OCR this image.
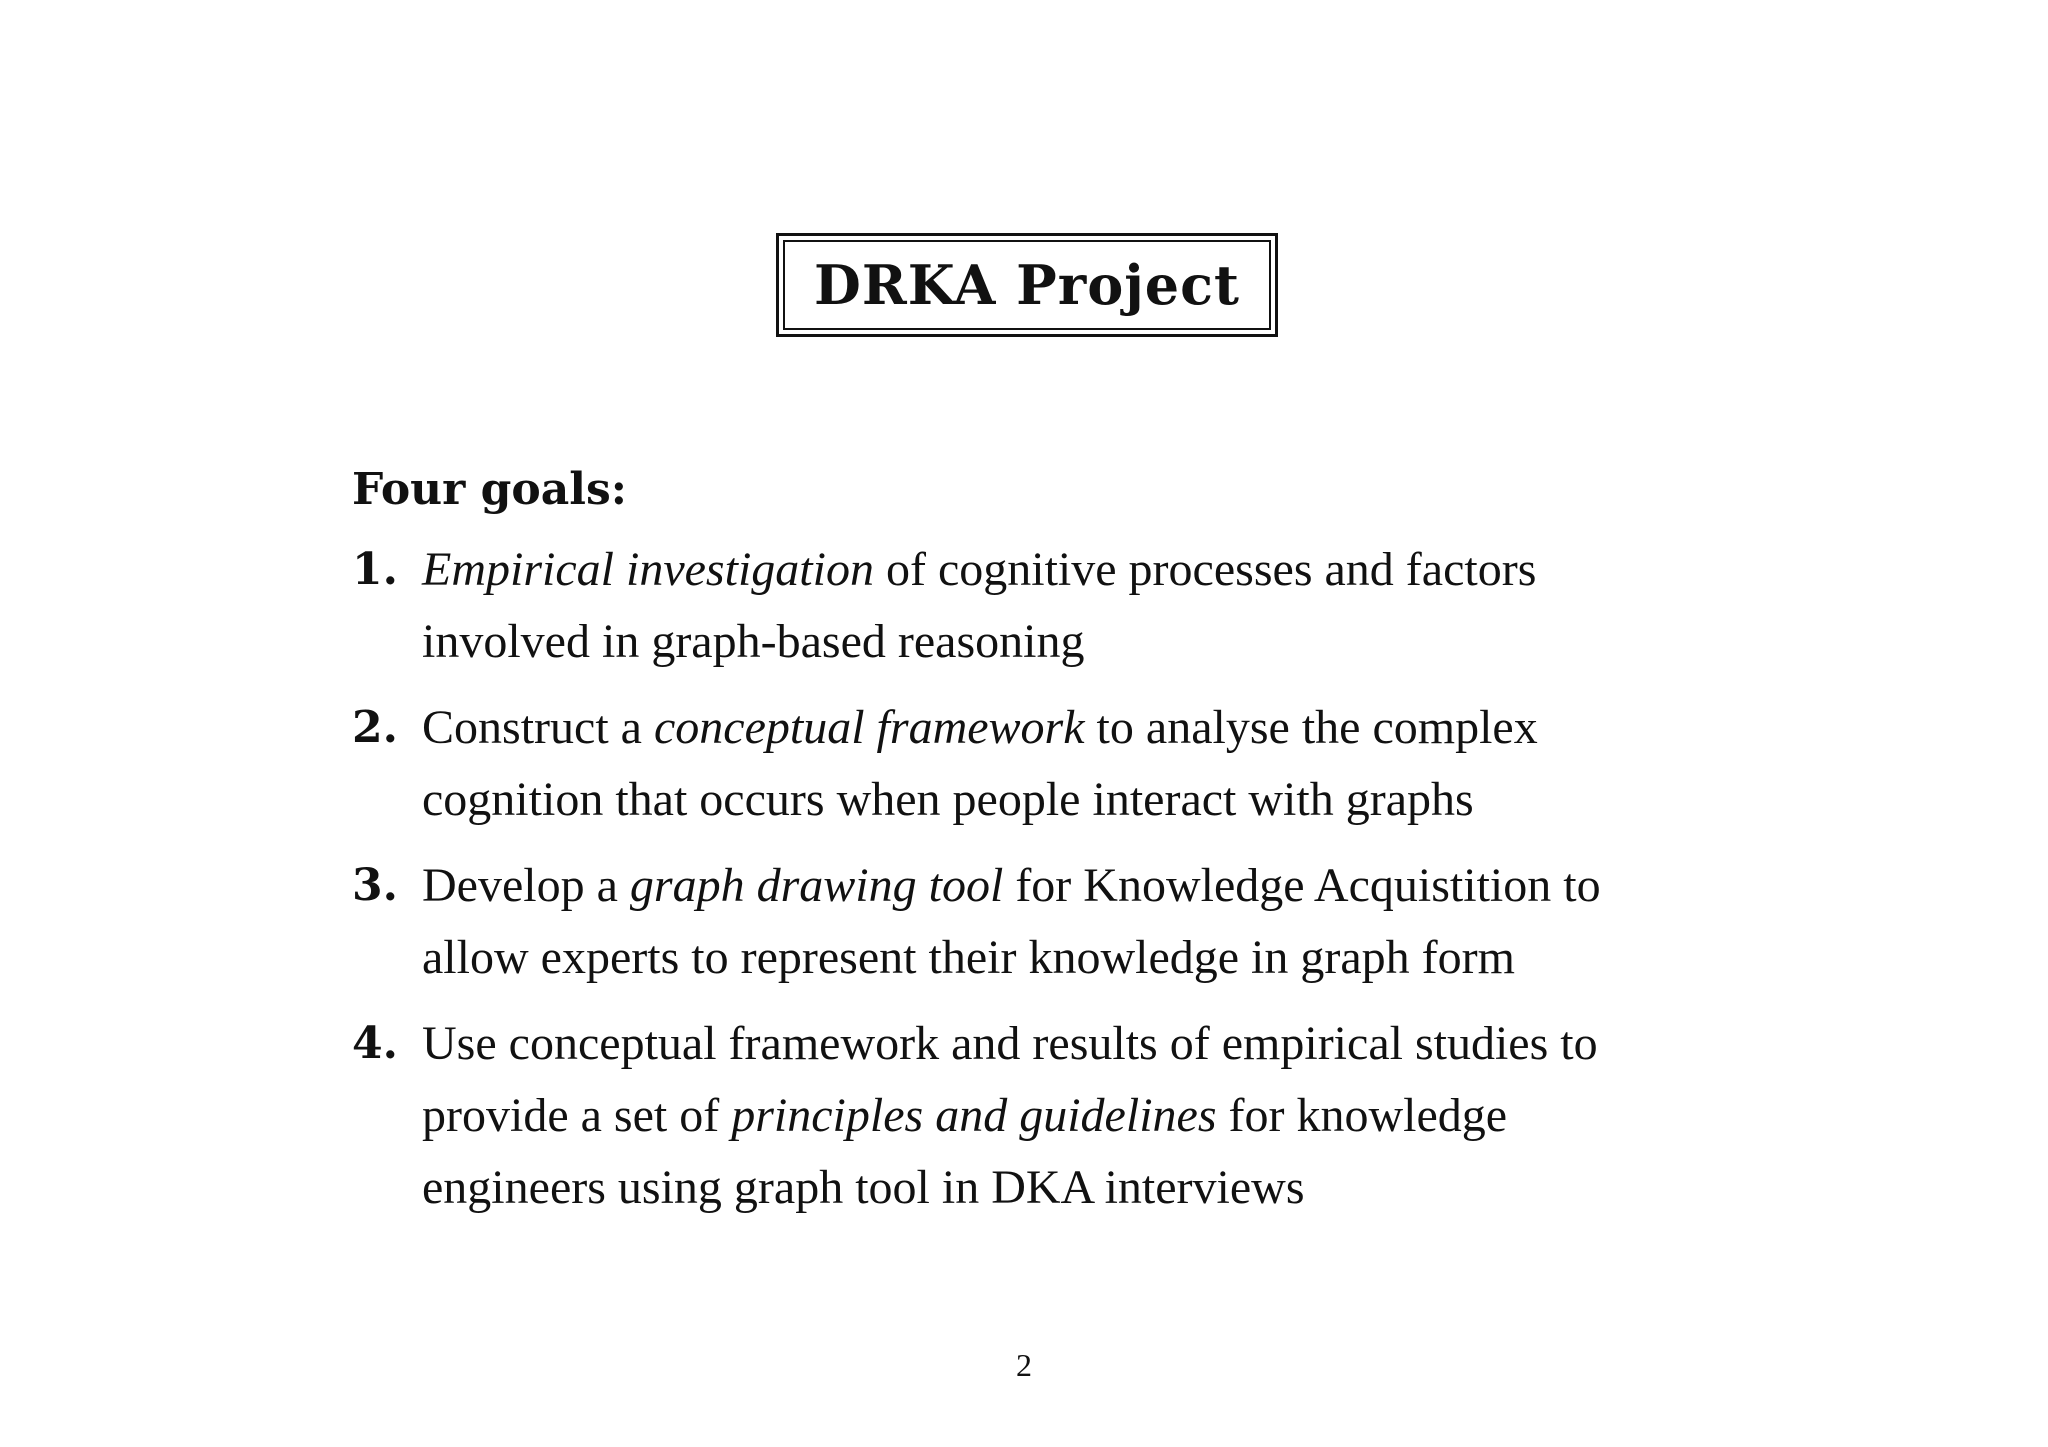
DRKA Project
Four goals:
1. Empirical investigation of cognitive processes and factors
involved in graph-based reasoning
2. Construct a conceptual framework to analyse the complex
cognition that occurs when people interact with graphs
3. Develop a graph drawing tool for Knowledge Acquistition to
allow experts to represent their knowledge in graph form
4. Use conceptual framework and results of empirical studies to
provide a set of principles and guidelines for knowledge
engineers using graph tool in DKA interviews
2
